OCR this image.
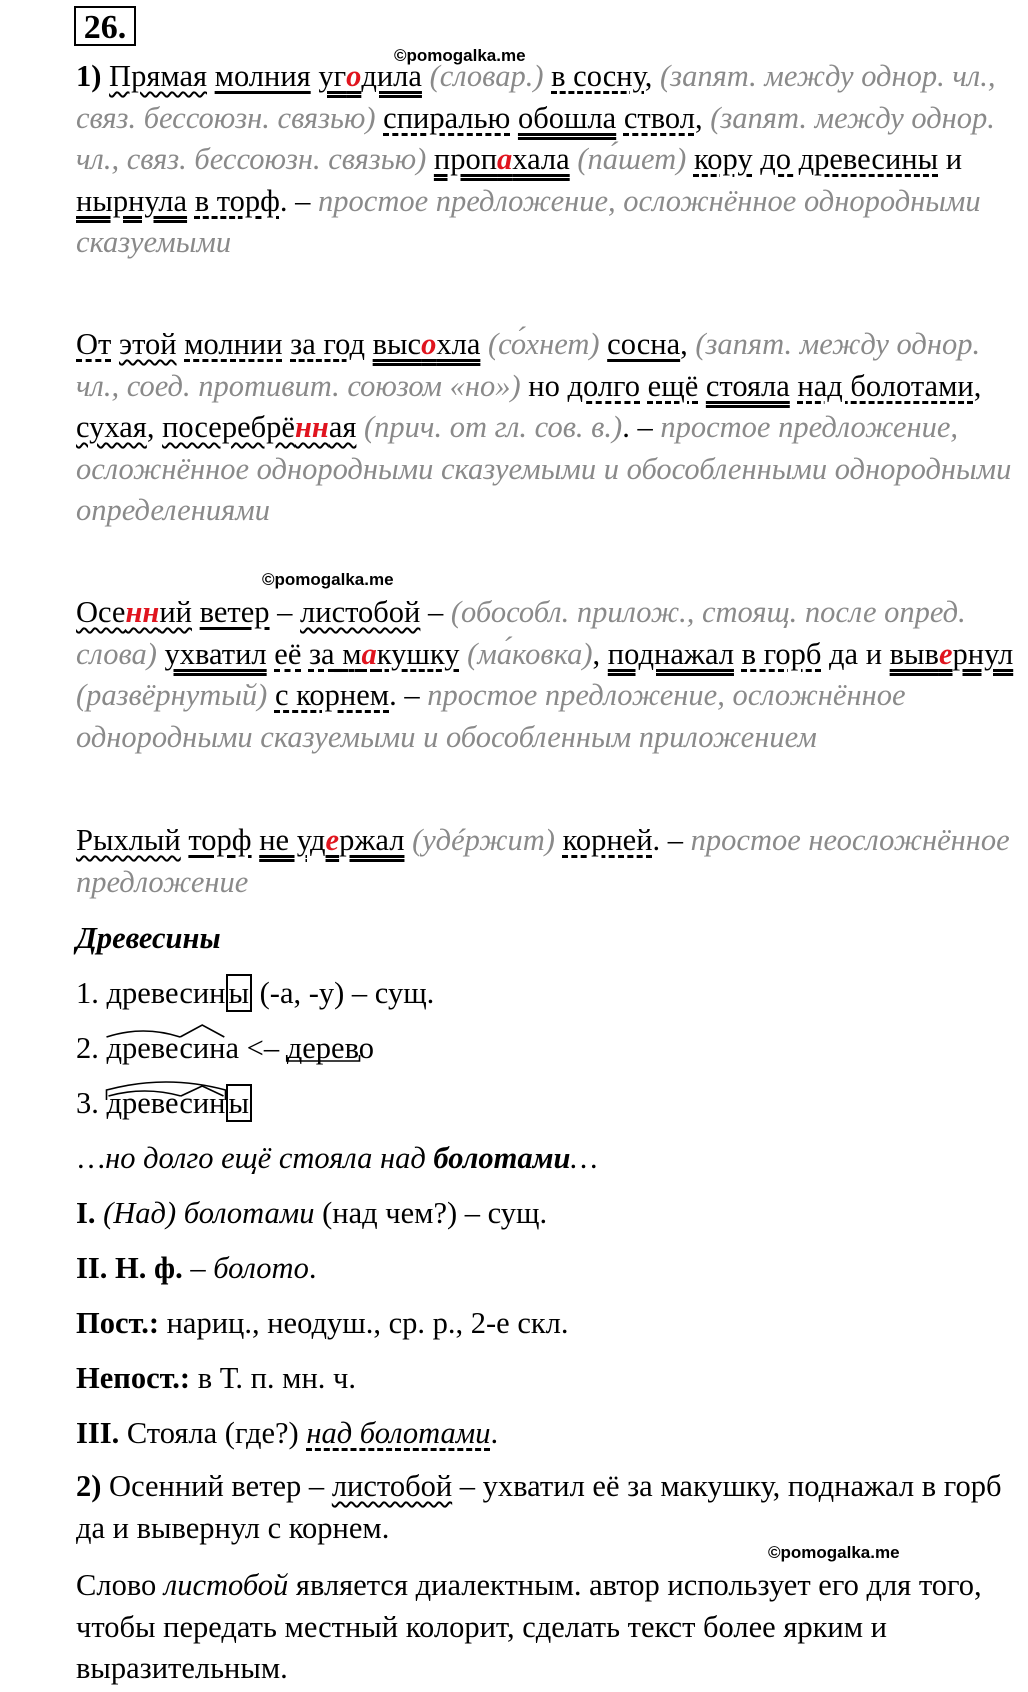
26.
©pomogalka.me
1) Прямая молния угодила (словар.) в сосну, (запят. между однор. чл., связ. бессоюзн. связью) спиралью обошла ствол, (запят. между однор. чл., связ. бессоюзн. связью) пропахала (па́шет) кору до древесины и нырнула в торф. – простое предложение, осложнённое однородными сказуемыми
От этой молнии за год высохла (со́хнет) сосна, (запят. между однор. чл., соед. противит. союзом «но») но долго ещё стояла над болотами, сухая, посеребрённая (прич. от гл. сов. в.). – простое предложение, осложнённое однородными сказуемыми и обособленными однородными определениями
©pomogalka.me
Осенний ветер – листобой – (обособл. прилож., стоящ. после опред. слова) ухватил её за макушку (ма́ковка), поднажал в горб да и вывернул (развёрнутый) с корнем. – простое предложение, осложнённое однородными сказуемыми и обособленным приложением
Рыхлый торф не удержал (удéржит) корней. – простое неосложнённое предложение
Древесины
1. древесины (-а, -у) – сущ.
2. древесина <– дерево
3. древесины
…но долго ещё стояла над болотами…
I. (Над) болотами (над чем?) – сущ.
II. Н. ф. – болото.
Пост.: нариц., неодуш., ср. р., 2-е скл.
Непост.: в Т. п. мн. ч.
III. Стояла (где?) над болотами.
2) Осенний ветер – листобой – ухватил её за макушку, поднажал в горб да и вывернул с корнем.
©pomogalka.me
Слово листобой является диалектным. автор использует его для того, чтобы передать местный колорит, сделать текст более ярким и выразительным.
